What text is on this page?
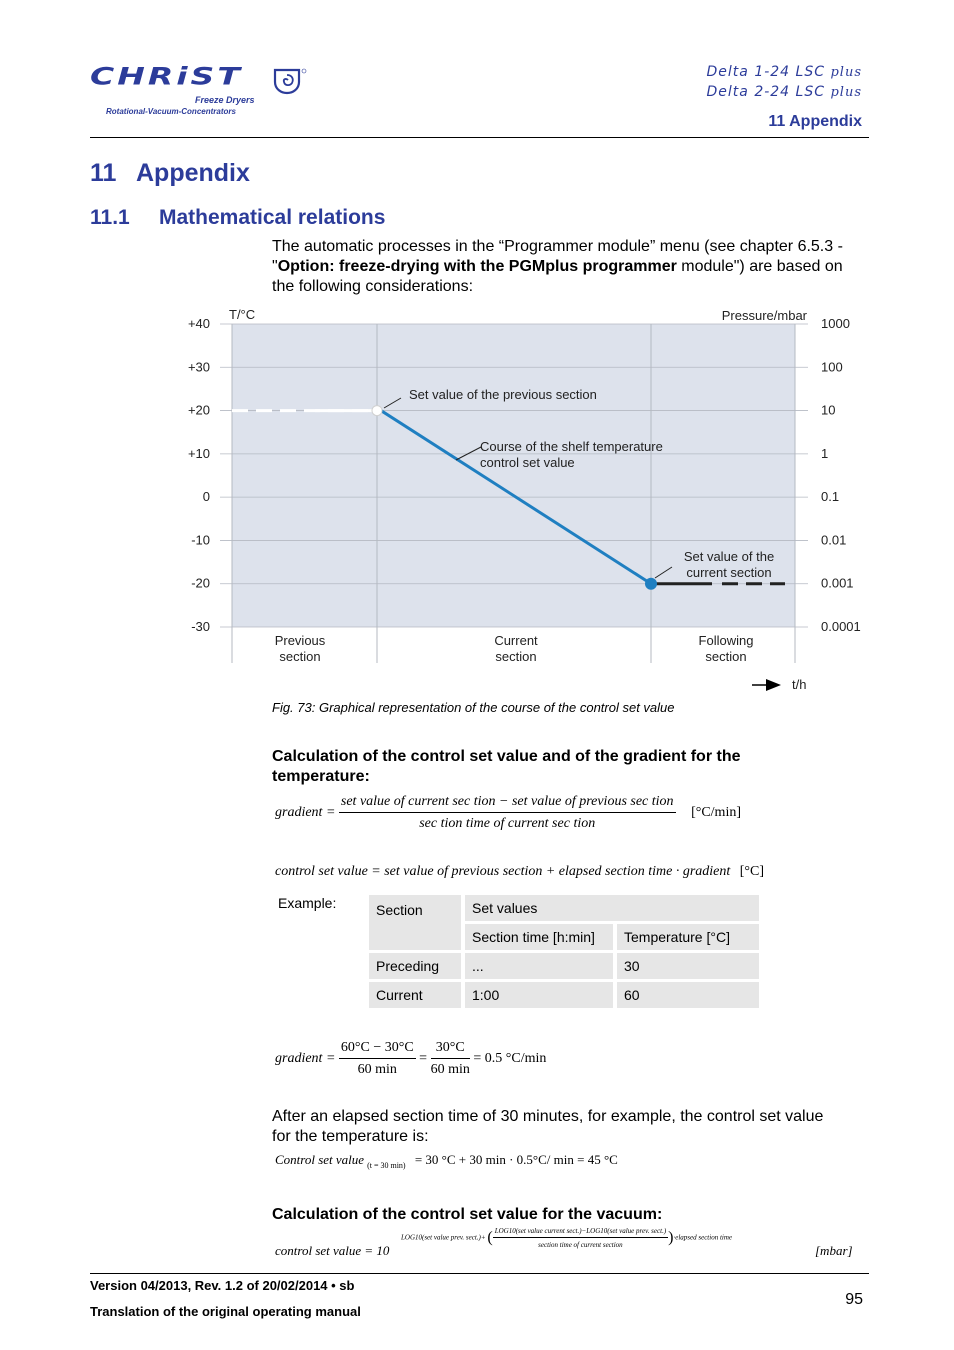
CHRiST
Freeze Dryers
Rotational-Vacuum-Concentrators
Delta 1-24 LSC plus
Delta 2-24 LSC plus
11 Appendix
11 Appendix
11.1 Mathematical relations
The automatic processes in the “Programmer module” menu (see chapter 6.5.3 - "Option: freeze-drying with the PGMplus programmer module") are based on the following considerations:
+40
+30
+20
+10
0
-10
-20
-30
1000
100
10
1
0.1
0.01
0.001
0.0001
T/°C	Pressure/mbar
Set value of the previous section
Course of the shelf temperature
control set value
Set value of the
current section
Previous
section
Current
section
Following
section
t/h
Fig. 73: Graphical representation of the course of the control set value
Calculation of the control set value and of the gradient for the temperature:
gradient =
set value of current sec tion − set value of previous sec tion
sec tion time of current sec tion
[°C/min]
control set value = set value of previous section + elapsed section time · gradient [°C]
Example:	Section	Set values	
	Section time [h:min]	Temperature [°C]
Preceding	...	30
Current	1:00	60
gradient = $\frac{60^\circ C - 30^\circ C}{60 \min} = \frac{30^\circ C}{60 \min} = 0.5$ °C/min
After an elapsed section time of 30 minutes, for example, the control set value for the temperature is:
Control set value $_{(t = 30 min)}$ = 30 °C + 30 min · 0.5°C/ min = 45 °C
Calculation of the control set value for the vacuum:
control set value = 10
LOG10(set value prev. sect.)+ ( $\frac{\text{LOG10(set value current sect.)−LOG10(set value prev. sect.)}}{\text{section time of current section}}$ )·elapsed section time
[mbar]
Version 04/2013, Rev. 1.2 of 20/02/2014 • sb
Translation of the original operating manual
95
